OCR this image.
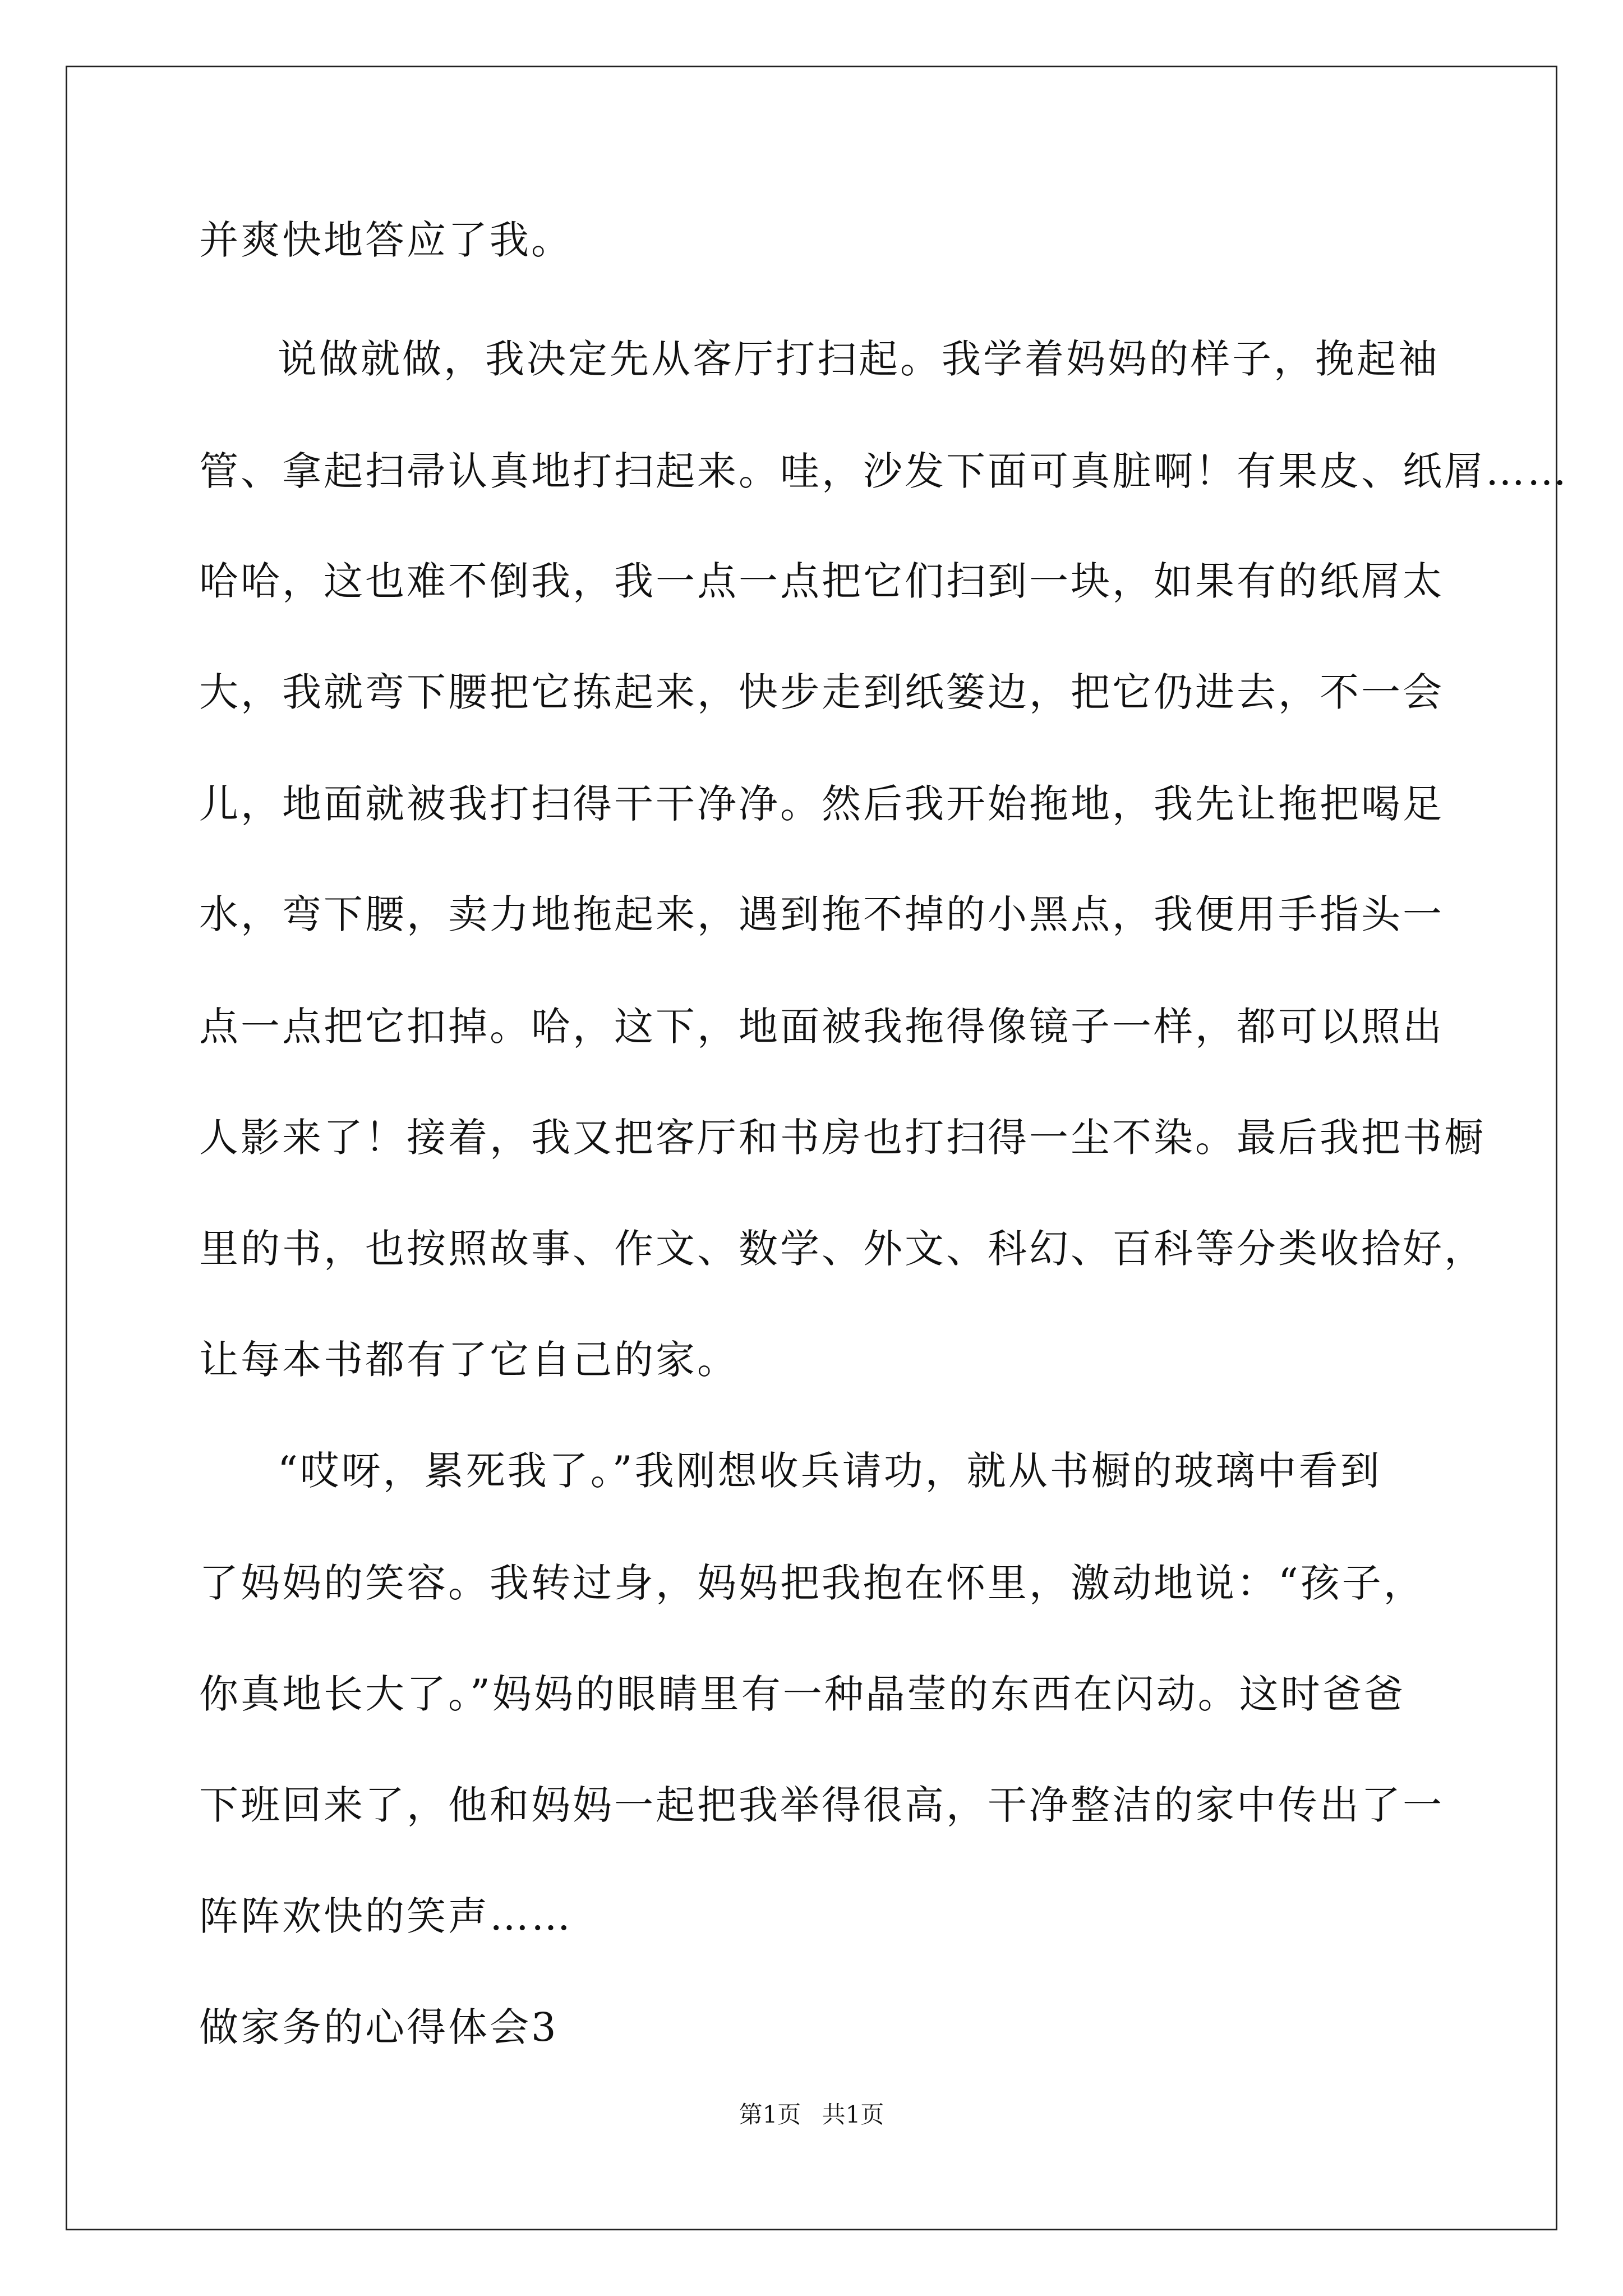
并爽快地答应了我。
说做就做，我决定先从客厅打扫起。我学着妈妈的样子，挽起袖
管、拿起扫帚认真地打扫起来。哇，沙发下面可真脏啊！有果皮、纸屑……
哈哈，这也难不倒我，我一点一点把它们扫到一块，如果有的纸屑太
大，我就弯下腰把它拣起来，快步走到纸篓边，把它仍进去，不一会
儿，地面就被我打扫得干干净净。然后我开始拖地，我先让拖把喝足
水，弯下腰，卖力地拖起来，遇到拖不掉的小黑点，我便用手指头一
点一点把它扣掉。哈，这下，地面被我拖得像镜子一样，都可以照出
人影来了！接着，我又把客厅和书房也打扫得一尘不染。最后我把书橱
里的书，也按照故事、作文、数学、外文、科幻、百科等分类收拾好，
让每本书都有了它自己的家。
“哎呀，累死我了。”我刚想收兵请功，就从书橱的玻璃中看到
了妈妈的笑容。我转过身，妈妈把我抱在怀里，激动地说：“孩子，
你真地长大了。”妈妈的眼睛里有一种晶莹的东西在闪动。这时爸爸
下班回来了，他和妈妈一起把我举得很高，干净整洁的家中传出了一
阵阵欢快的笑声……
做家务的心得体会3
第1页 共1页
